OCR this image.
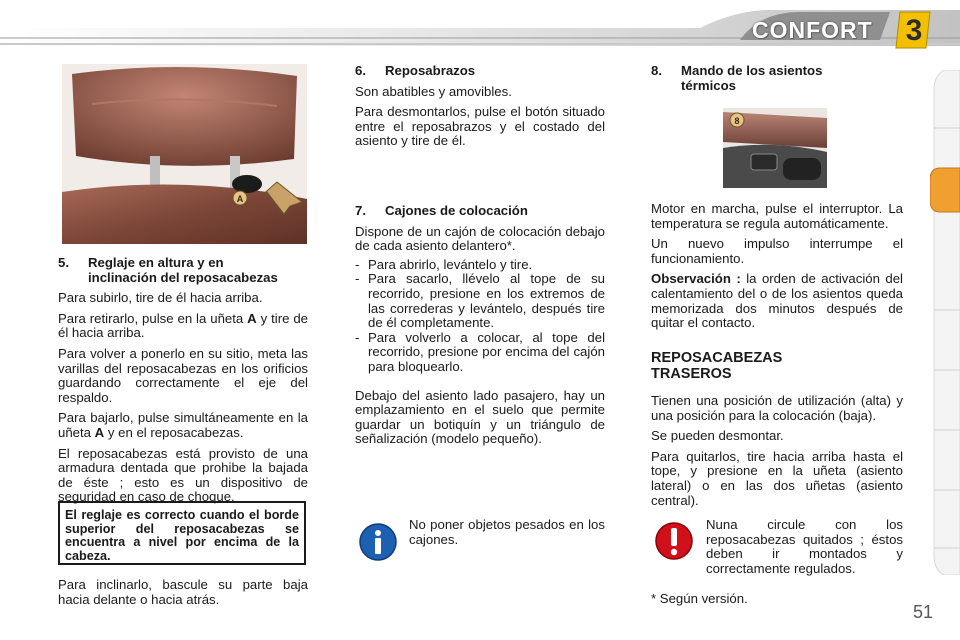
CONFORT 3
A
5. Reglaje en altura y en
inclinación del reposacabezas

Para subirlo, tire de él hacia arriba.

Para retirarlo, pulse en la uñeta A y tire de él hacia arriba.

Para volver a ponerlo en su sitio, meta las varillas del reposacabezas en los orificios guardando correctamente el eje del respaldo.

Para bajarlo, pulse simultáneamente en la uñeta A y en el reposacabezas.

El reposacabezas está provisto de una armadura dentada que prohibe la bajada de éste ; esto es un dispositivo de seguridad en caso de choque.

El reglaje es correcto cuando el borde superior del reposacabezas se encuentra a nivel por encima de la cabeza.

Para inclinarlo, bascule su parte baja hacia delante o hacia atrás.

6. Reposabrazos

Son abatibles y amovibles.

Para desmontarlos, pulse el botón situado entre el reposabrazos y el costado del asiento y tire de él.

7. Cajones de colocación

Dispone de un cajón de colocación debajo de cada asiento delantero*.

- Para abrirlo, levántelo y tire.
- Para sacarlo, llévelo al tope de su recorrido, presione en los extremos de las correderas y levántelo, después tire de él completamente.
- Para volverlo a colocar, al tope del recorrido, presione por encima del cajón para bloquearlo.

Debajo del asiento lado pasajero, hay un emplazamiento en el suelo que permite guardar un botiquín y un triángulo de señalización (modelo pequeño).

No poner objetos pesados en los cajones.

8. Mando de los asientos
térmicos
8

Motor en marcha, pulse el interruptor. La temperatura se regula automáticamente.

Un nuevo impulso interrumpe el funcionamiento.

Observación : la orden de activación del calentamiento del o de los asientos queda memorizada dos minutos después de quitar el contacto.

REPOSACABEZAS TRASEROS

Tienen una posición de utilización (alta) y una posición para la colocación (baja).

Se pueden desmontar.

Para quitarlos, tire hacia arriba hasta el tope, y presione en la uñeta (asiento lateral) o en las dos uñetas (asiento central).

Nuna circule con los reposacabezas quitados ; éstos deben ir montados y correctamente regulados.

* Según versión.

51
